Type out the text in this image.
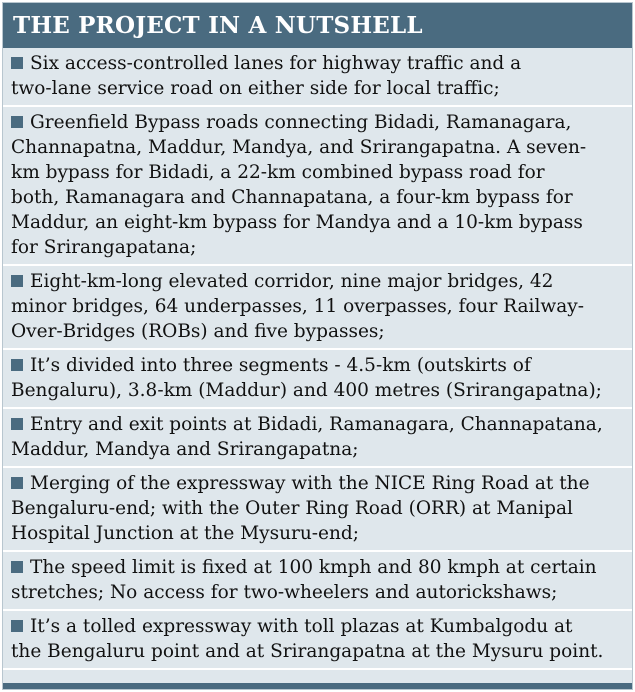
THE PROJECT IN A NUTSHELL
Six access-controlled lanes for highway traffic and a
two-lane service road on either side for local traffic;
Greenfield Bypass roads connecting Bidadi, Ramanagara,
Channapatna, Maddur, Mandya, and Srirangapatna. A seven-
km bypass for Bidadi, a 22-km combined bypass road for
both, Ramanagara and Channapatana, a four-km bypass for
Maddur, an eight-km bypass for Mandya and a 10-km bypass
for Srirangapatana;
Eight-km-long elevated corridor, nine major bridges, 42
minor bridges, 64 underpasses, 11 overpasses, four Railway-
Over-Bridges (ROBs) and five bypasses;
It’s divided into three segments - 4.5-km (outskirts of
Bengaluru), 3.8-km (Maddur) and 400 metres (Srirangapatna);
Entry and exit points at Bidadi, Ramanagara, Channapatana,
Maddur, Mandya and Srirangapatna;
Merging of the expressway with the NICE Ring Road at the
Bengaluru-end; with the Outer Ring Road (ORR) at Manipal
Hospital Junction at the Mysuru-end;
The speed limit is fixed at 100 kmph and 80 kmph at certain
stretches; No access for two-wheelers and autorickshaws;
It’s a tolled expressway with toll plazas at Kumbalgodu at
the Bengaluru point and at Srirangapatna at the Mysuru point.
